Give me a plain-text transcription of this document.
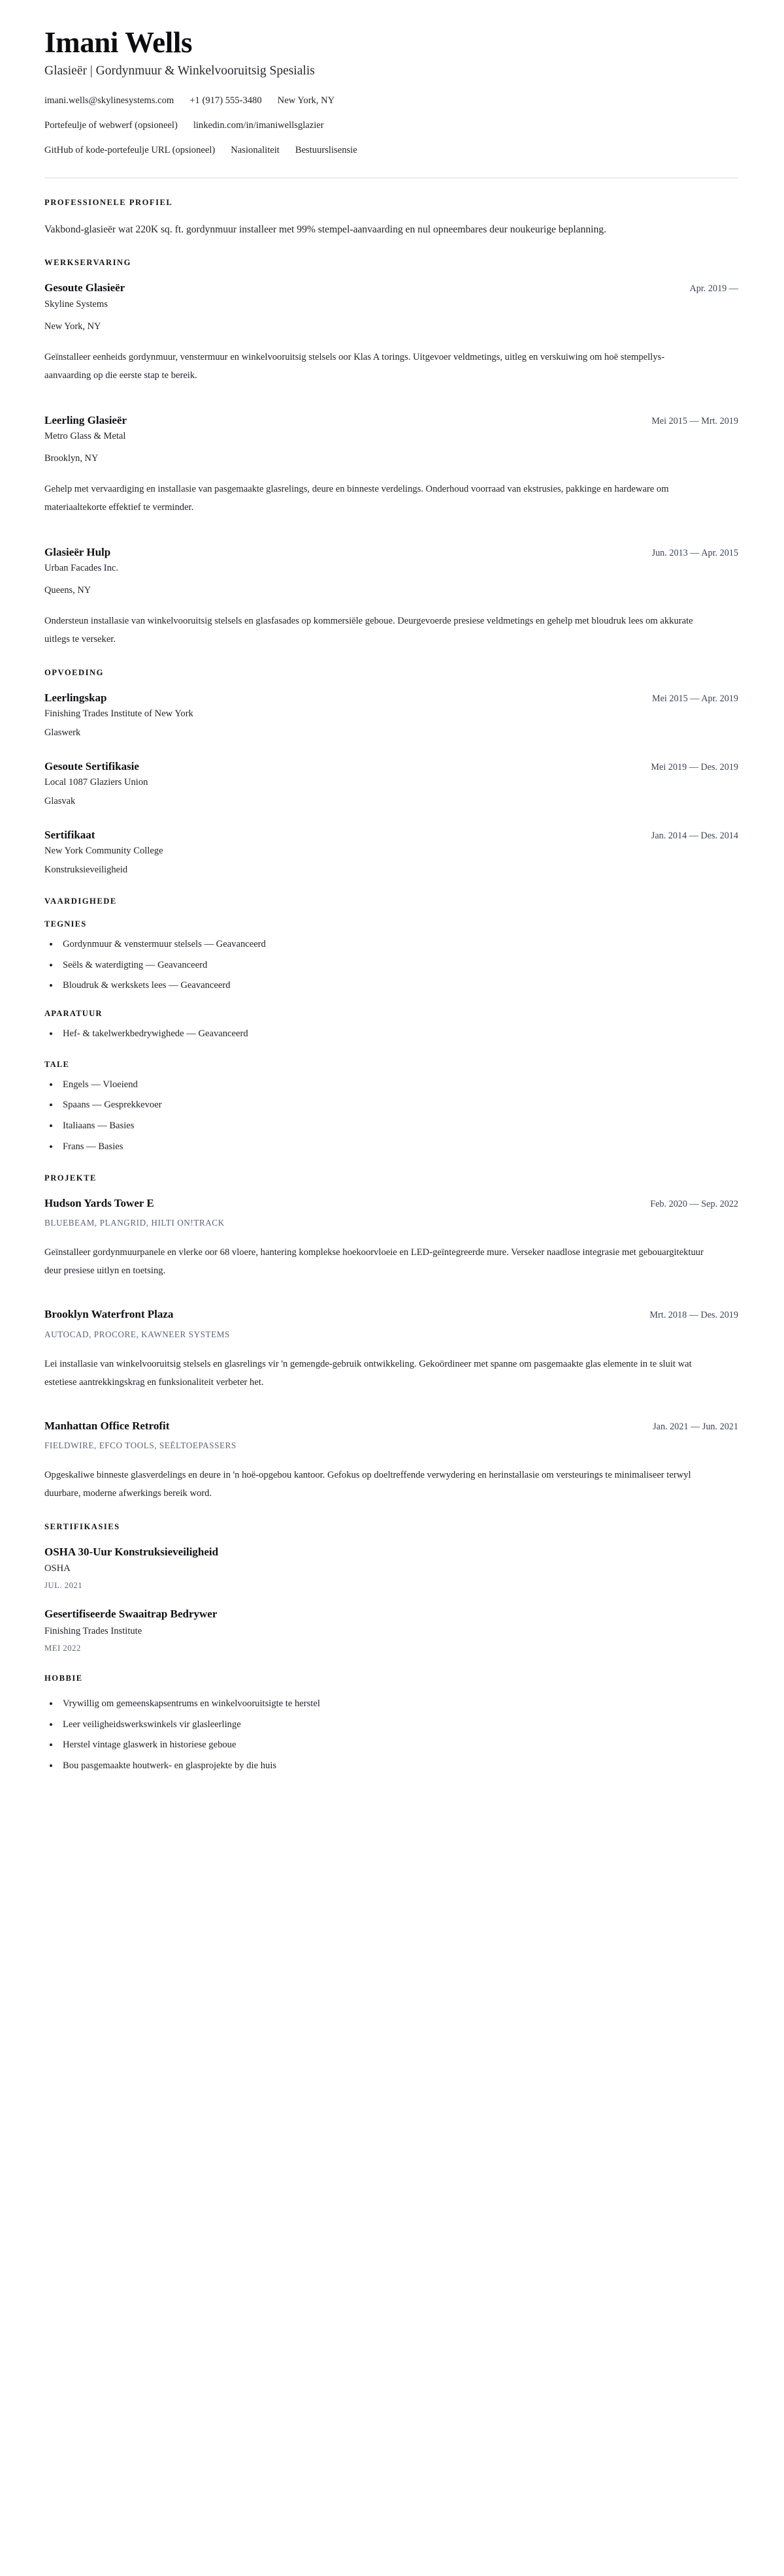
Imani Wells
Glasieër | Gordynmuur & Winkelvooruitsig Spesialis
imani.wells@skylinesystems.com +1 (917) 555-3480 New York, NY
Portefeulje of webwerf (opsioneel) linkedin.com/in/imaniwellsglazier
GitHub of kode-portefeulje URL (opsioneel) Nasionaliteit Bestuurslisensie
PROFESSIONELE PROFIEL

Vakbond-glasieër wat 220K sq. ft. gordynmuur installeer met 99% stempel-aanvaarding en nul opneembares deur noukeurige beplanning.

WERKSERVARING
Gesoute Glasieër	Apr. 2019 —
Skyline Systems
New York, NY
Geïnstalleer eenheids gordynmuur, venstermuur en winkelvooruitsig stelsels oor Klas A torings. Uitgevoer veldmetings, uitleg en verskuiwing om hoë stempellys-aanvaarding op die eerste stap te bereik.
Leerling Glasieër	Mei 2015 — Mrt. 2019
Metro Glass & Metal
Brooklyn, NY
Gehelp met vervaardiging en installasie van pasgemaakte glasrelings, deure en binneste verdelings. Onderhoud voorraad van ekstrusies, pakkinge en hardeware om materiaaltekorte effektief te verminder.
Glasieër Hulp	Jun. 2013 — Apr. 2015
Urban Facades Inc.
Queens, NY
Ondersteun installasie van winkelvooruitsig stelsels en glasfasades op kommersiële geboue. Deurgevoerde presiese veldmetings en gehelp met bloudruk lees om akkurate uitlegs te verseker.
OPVOEDING
Leerlingskap	Mei 2015 — Apr. 2019
Finishing Trades Institute of New York
Glaswerk
Gesoute Sertifikasie	Mei 2019 — Des. 2019
Local 1087 Glaziers Union
Glasvak
Sertifikaat	Jan. 2014 — Des. 2014
New York Community College
Konstruksieveiligheid
VAARDIGHEDE
TEGNIES
Gordynmuur & venstermuur stelsels — Geavanceerd
Seëls & waterdigting — Geavanceerd
Bloudruk & werkskets lees — Geavanceerd
APARATUUR
Hef- & takelwerkbedrywighede — Geavanceerd
TALE
Engels — Vloeiend
Spaans — Gesprekkevoer
Italiaans — Basies
Frans — Basies
PROJEKTE
Hudson Yards Tower E	Feb. 2020 — Sep. 2022
BLUEBEAM, PLANGRID, HILTI ON!TRACK
Geïnstalleer gordynmuurpanele en vlerke oor 68 vloere, hantering komplekse hoekoorvloeie en LED-geïntegreerde mure. Verseker naadlose integrasie met gebouargitektuur deur presiese uitlyn en toetsing.
Brooklyn Waterfront Plaza	Mrt. 2018 — Des. 2019
AUTOCAD, PROCORE, KAWNEER SYSTEMS
Lei installasie van winkelvooruitsig stelsels en glasrelings vir 'n gemengde-gebruik ontwikkeling. Gekoördineer met spanne om pasgemaakte glas elemente in te sluit wat estetiese aantrekkingskrag en funksionaliteit verbeter het.
Manhattan Office Retrofit	Jan. 2021 — Jun. 2021
FIELDWIRE, EFCO TOOLS, SEËLTOEPASSERS
Opgeskaliwe binneste glasverdelings en deure in 'n hoë-opgebou kantoor. Gefokus op doeltreffende verwydering en herinstallasie om versteurings te minimaliseer terwyl duurbare, moderne afwerkings bereik word.
SERTIFIKASIES
OSHA 30-Uur Konstruksieveiligheid
OSHA
JUL. 2021
Gesertifiseerde Swaaitrap Bedrywer
Finishing Trades Institute
MEI 2022
HOBBIE
Vrywillig om gemeenskapsentrums en winkelvooruitsigte te herstel
Leer veiligheidswerkswinkels vir glasleerlinge
Herstel vintage glaswerk in historiese geboue
Bou pasgemaakte houtwerk- en glasprojekte by die huis
